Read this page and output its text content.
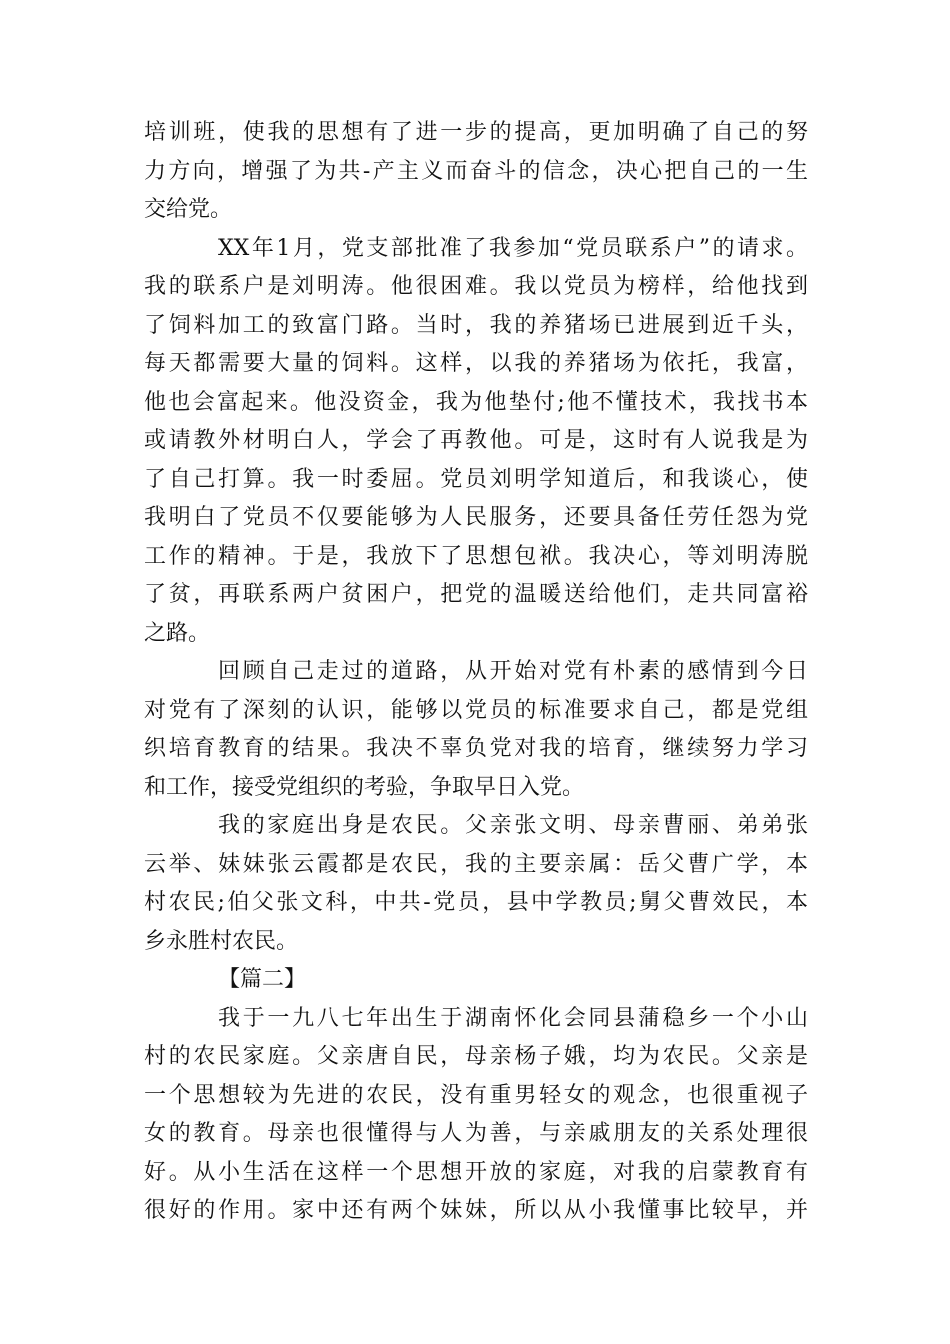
培训班，使我的思想有了进一步的提高，更加明确了自己的努
力方向，增强了为共-产主义而奋斗的信念，决心把自己的一生
交给党。
XX年1月，党支部批准了我参加“党员联系户”的请求。
我的联系户是刘明涛。他很困难。我以党员为榜样，给他找到
了饲料加工的致富门路。当时，我的养猪场已进展到近千头，
每天都需要大量的饲料。这样，以我的养猪场为依托，我富，
他也会富起来。他没资金，我为他垫付;他不懂技术，我找书本
或请教外材明白人，学会了再教他。可是，这时有人说我是为
了自己打算。我一时委屈。党员刘明学知道后，和我谈心，使
我明白了党员不仅要能够为人民服务，还要具备任劳任怨为党
工作的精神。于是，我放下了思想包袱。我决心，等刘明涛脱
了贫，再联系两户贫困户，把党的温暖送给他们，走共同富裕
之路。
回顾自己走过的道路，从开始对党有朴素的感情到今日
对党有了深刻的认识，能够以党员的标准要求自己，都是党组
织培育教育的结果。我决不辜负党对我的培育，继续努力学习
和工作，接受党组织的考验，争取早日入党。
我的家庭出身是农民。父亲张文明、母亲曹丽、弟弟张
云举、妹妹张云霞都是农民，我的主要亲属：岳父曹广学，本
村农民;伯父张文科，中共-党员，县中学教员;舅父曹效民，本
乡永胜村农民。
【篇二】
我于一九八七年出生于湖南怀化会同县蒲稳乡一个小山
村的农民家庭。父亲唐自民，母亲杨子娥，均为农民。父亲是
一个思想较为先进的农民，没有重男轻女的观念，也很重视子
女的教育。母亲也很懂得与人为善，与亲戚朋友的关系处理很
好。从小生活在这样一个思想开放的家庭，对我的启蒙教育有
很好的作用。家中还有两个妹妹，所以从小我懂事比较早，并
